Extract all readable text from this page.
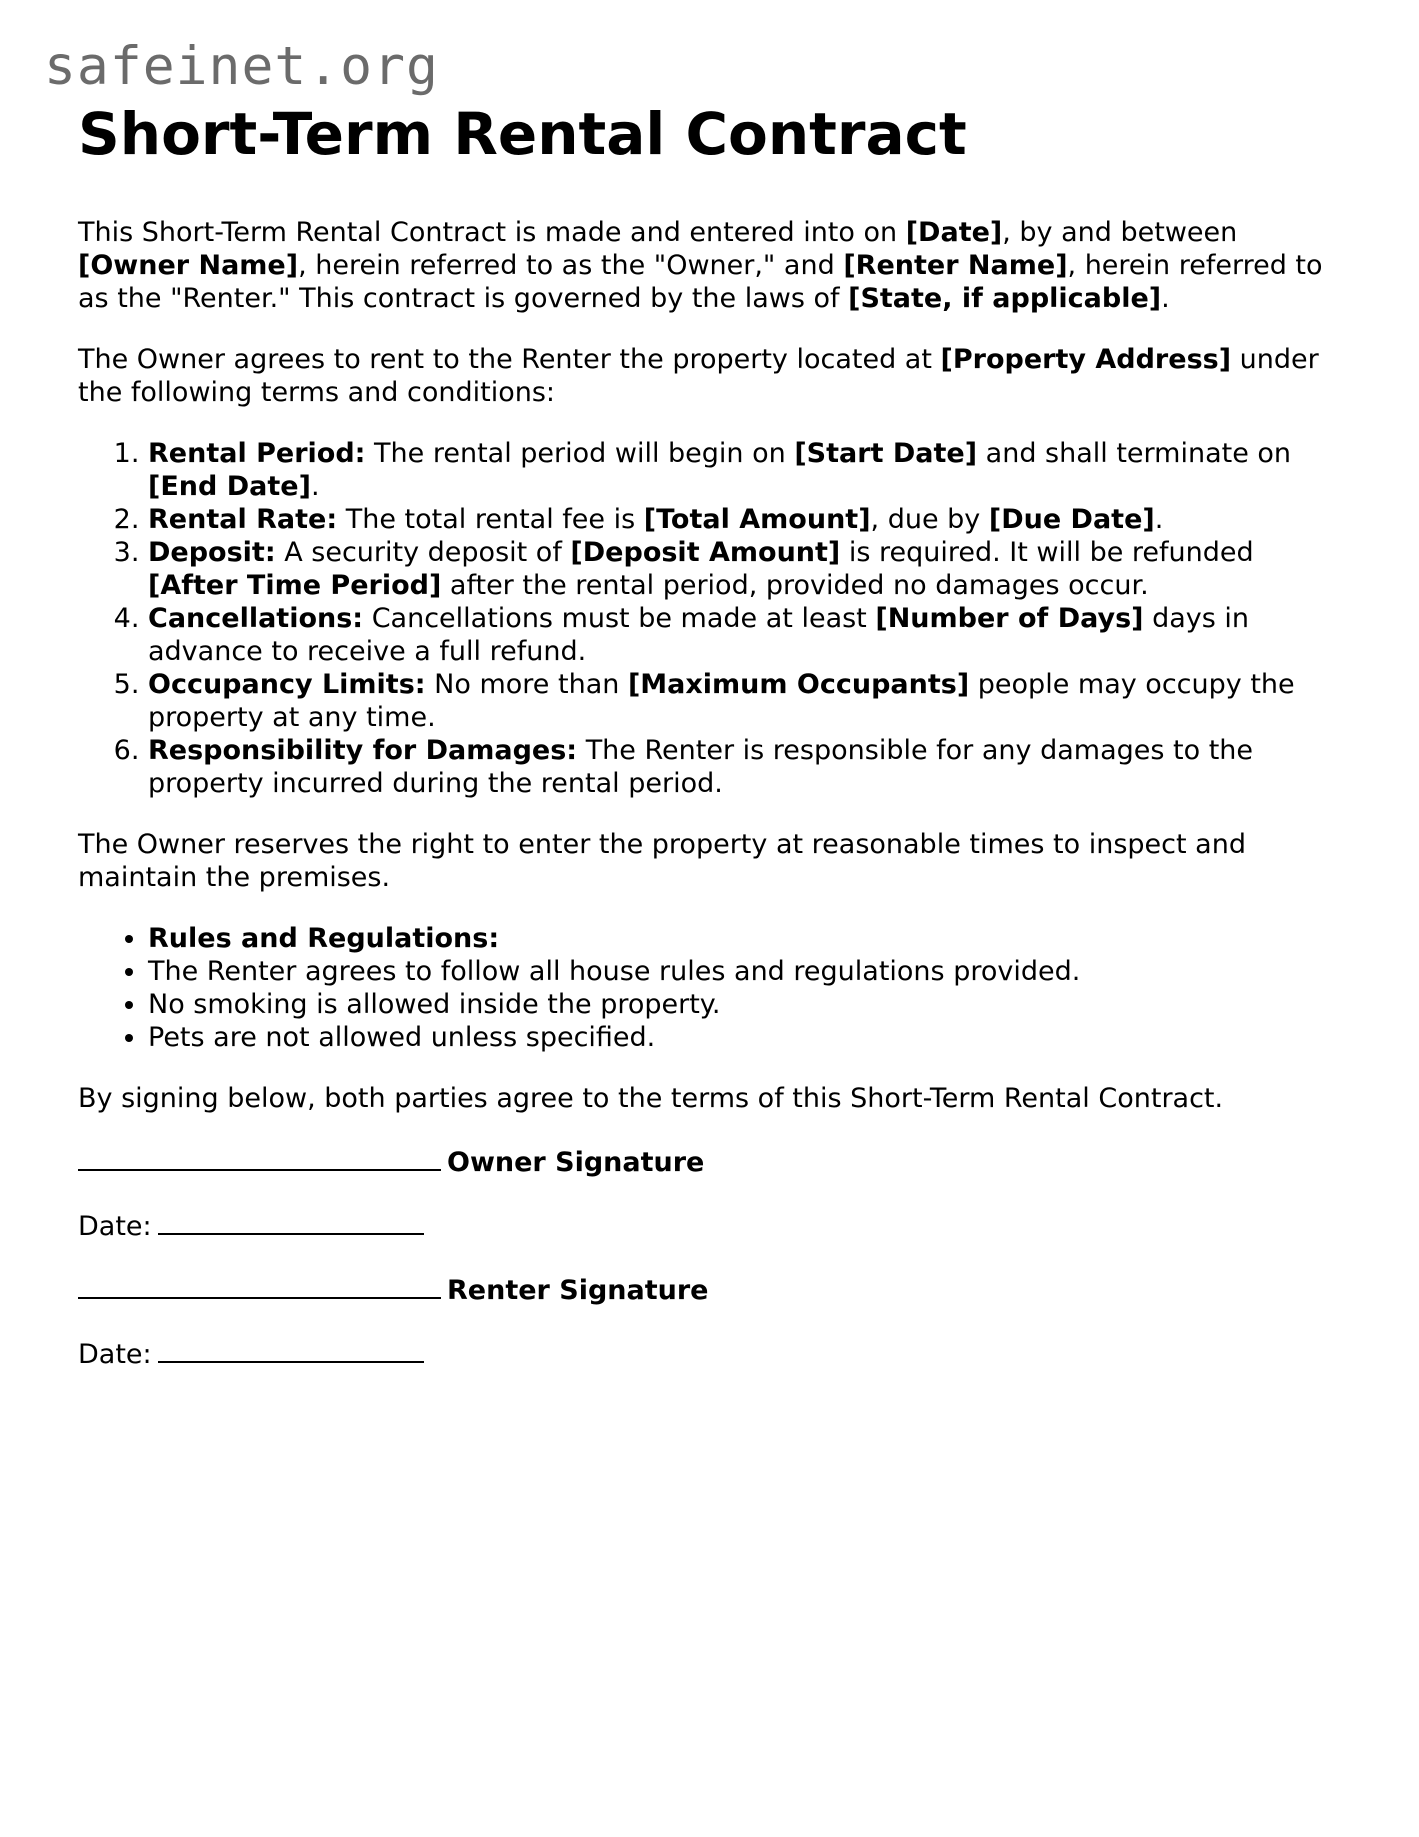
safeinet.org
Short-Term Rental Contract

This Short-Term Rental Contract is made and entered into on [Date], by and between [Owner Name], herein referred to as the "Owner," and [Renter Name], herein referred to as the "Renter." This contract is governed by the laws of [State, if applicable].

The Owner agrees to rent to the Renter the property located at [Property Address] under the following terms and conditions:

1. Rental Period: The rental period will begin on [Start Date] and shall terminate on [End Date].
2. Rental Rate: The total rental fee is [Total Amount], due by [Due Date].
3. Deposit: A security deposit of [Deposit Amount] is required. It will be refunded [After Time Period] after the rental period, provided no damages occur.
4. Cancellations: Cancellations must be made at least [Number of Days] days in advance to receive a full refund.
5. Occupancy Limits: No more than [Maximum Occupants] people may occupy the property at any time.
6. Responsibility for Damages: The Renter is responsible for any damages to the property incurred during the rental period.

The Owner reserves the right to enter the property at reasonable times to inspect and maintain the premises.

• Rules and Regulations:
• The Renter agrees to follow all house rules and regulations provided.
• No smoking is allowed inside the property.
• Pets are not allowed unless specified.

By signing below, both parties agree to the terms of this Short-Term Rental Contract.

Owner Signature
Date:
Renter Signature
Date:
